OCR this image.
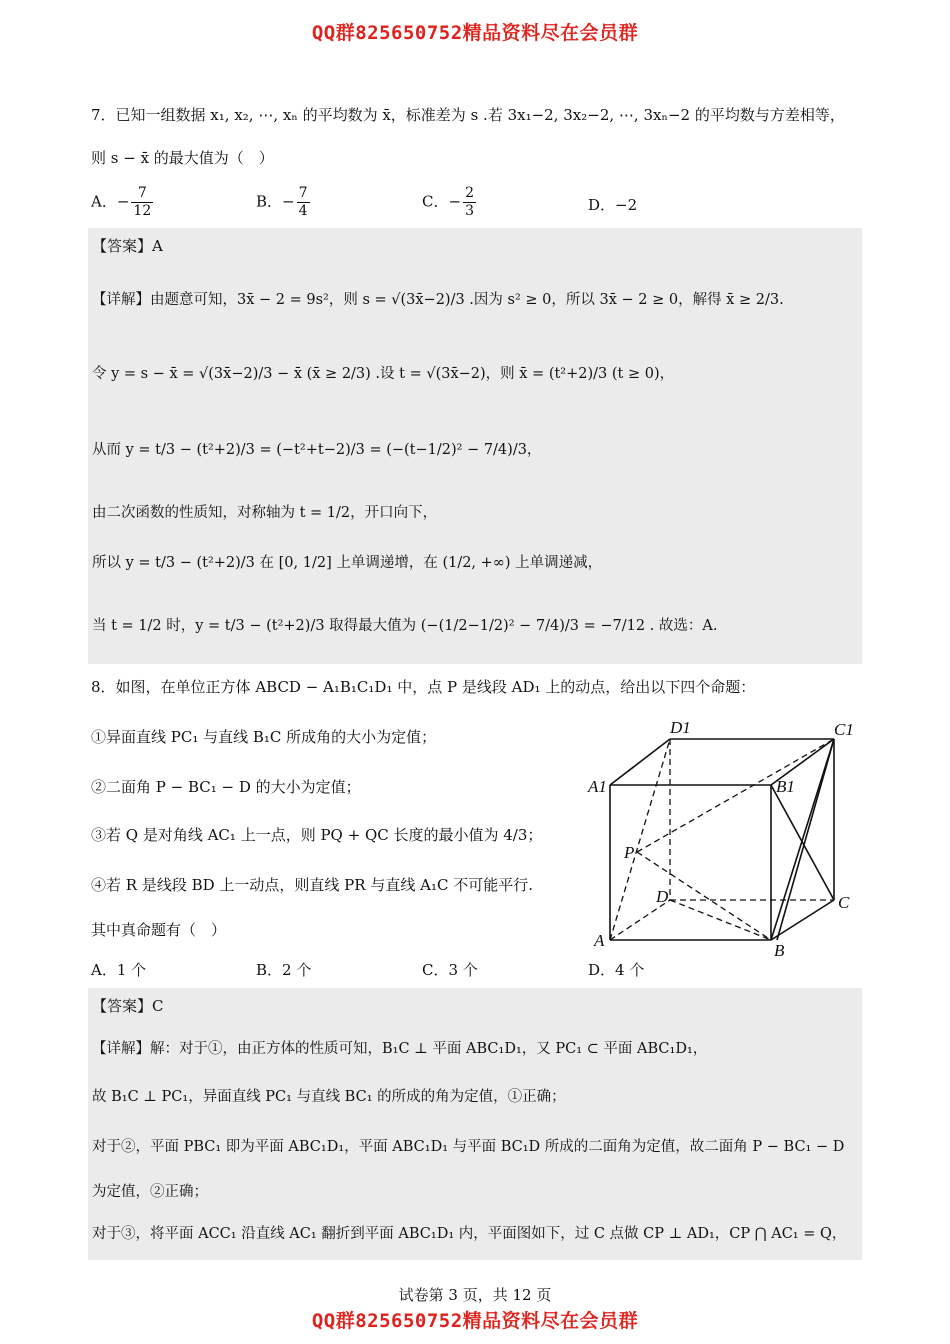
QQ群825650752精品资料尽在会员群
7．已知一组数据 x₁, x₂, ⋯, xₙ 的平均数为 x̄，标准差为 s .若 3x₁−2, 3x₂−2, ⋯, 3xₙ−2 的平均数与方差相等，
则 s − x̄ 的最大值为（　）
A．− $\frac{7}{12}$	B．− $\frac{7}{4}$	C．− $\frac{2}{3}$	D．−2
【答案】A
【详解】由题意可知，3x̄ − 2 = 9s²，则 s = √(3x̄−2)/3 .因为 s² ≥ 0，所以 3x̄ − 2 ≥ 0，解得 x̄ ≥ 2/3.
令 y = s − x̄ = √(3x̄−2)/3 − x̄ (x̄ ≥ 2/3) .设 t = √(3x̄−2)，则 x̄ = (t²+2)/3 (t ≥ 0)，
从而 y = t/3 − (t²+2)/3 = (−t²+t−2)/3 = (−(t−1/2)² − 7/4)/3，
由二次函数的性质知，对称轴为 t = 1/2，开口向下，
所以 y = t/3 − (t²+2)/3 在 [0, 1/2] 上单调递增，在 (1/2, +∞) 上单调递减，
当 t = 1/2 时，y = t/3 − (t²+2)/3 取得最大值为 (−(1/2−1/2)² − 7/4)/3 = −7/12 . 故选：A.
8．如图，在单位正方体 ABCD − A₁B₁C₁D₁ 中，点 P 是线段 AD₁ 上的动点，给出以下四个命题：
①异面直线 PC₁ 与直线 B₁C 所成角的大小为定值；
②二面角 P − BC₁ − D 的大小为定值；
③若 Q 是对角线 AC₁ 上一点，则 PQ + QC 长度的最小值为 4/3；
④若 R 是线段 BD 上一动点，则直线 PR 与直线 A₁C 不可能平行.
其中真命题有（　）
A．1 个	B．2 个	C．3 个	D．4 个
D1	C1
A1	B1
P
D	C
A
B
【答案】C
【详解】解：对于①，由正方体的性质可知，B₁C ⊥ 平面 ABC₁D₁，又 PC₁ ⊂ 平面 ABC₁D₁，
故 B₁C ⊥ PC₁，异面直线 PC₁ 与直线 BC₁ 的所成的角为定值，①正确；
对于②，平面 PBC₁ 即为平面 ABC₁D₁，平面 ABC₁D₁ 与平面 BC₁D 所成的二面角为定值，故二面角 P − BC₁ − D
为定值，②正确；
对于③，将平面 ACC₁ 沿直线 AC₁ 翻折到平面 ABC₁D₁ 内，平面图如下，过 C 点做 CP ⊥ AD₁，CP ⋂ AC₁ = Q，
试卷第 3 页，共 12 页
QQ群825650752精品资料尽在会员群
